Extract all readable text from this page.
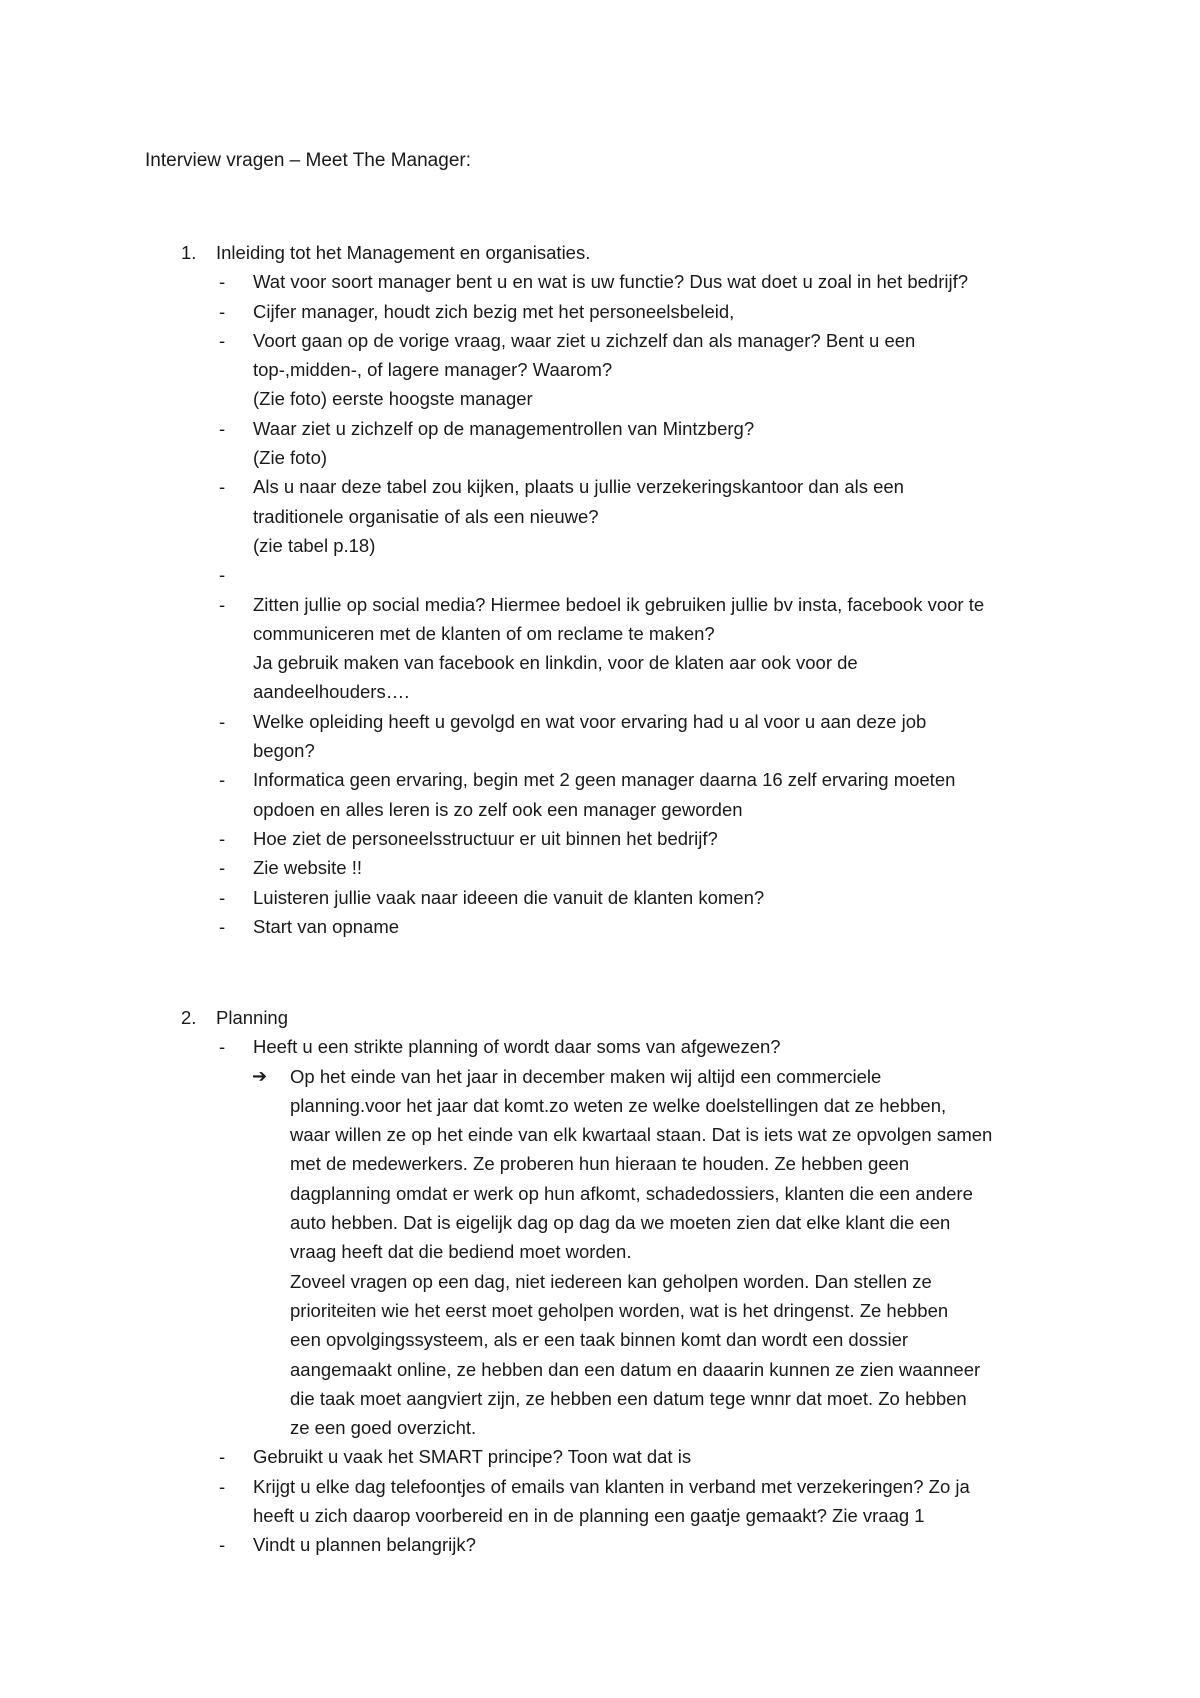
Interview vragen – Meet The Manager:
1. Inleiding tot het Management en organisaties.
- Wat voor soort manager bent u en wat is uw functie? Dus wat doet u zoal in het bedrijf?
- Cijfer manager, houdt zich bezig met het personeelsbeleid,
- Voort gaan op de vorige vraag, waar ziet u zichzelf dan als manager? Bent u een
top-,midden-, of lagere manager? Waarom?
(Zie foto) eerste hoogste manager
- Waar ziet u zichzelf op de managementrollen van Mintzberg?
(Zie foto)
- Als u naar deze tabel zou kijken, plaats u jullie verzekeringskantoor dan als een
traditionele organisatie of als een nieuwe?
(zie tabel p.18)
-
- Zitten jullie op social media? Hiermee bedoel ik gebruiken jullie bv insta, facebook voor te
communiceren met de klanten of om reclame te maken?
Ja gebruik maken van facebook en linkdin, voor de klaten aar ook voor de
aandeelhouders….
- Welke opleiding heeft u gevolgd en wat voor ervaring had u al voor u aan deze job
begon?
- Informatica geen ervaring, begin met 2 geen manager daarna 16 zelf ervaring moeten
opdoen en alles leren is zo zelf ook een manager geworden
- Hoe ziet de personeelsstructuur er uit binnen het bedrijf?
- Zie website !!
- Luisteren jullie vaak naar ideeen die vanuit de klanten komen?
- Start van opname
2. Planning
- Heeft u een strikte planning of wordt daar soms van afgewezen?
➔ Op het einde van het jaar in december maken wij altijd een commerciele
planning.voor het jaar dat komt.zo weten ze welke doelstellingen dat ze hebben,
waar willen ze op het einde van elk kwartaal staan. Dat is iets wat ze opvolgen samen
met de medewerkers. Ze proberen hun hieraan te houden. Ze hebben geen
dagplanning omdat er werk op hun afkomt, schadedossiers, klanten die een andere
auto hebben. Dat is eigelijk dag op dag da we moeten zien dat elke klant die een
vraag heeft dat die bediend moet worden.
Zoveel vragen op een dag, niet iedereen kan geholpen worden. Dan stellen ze
prioriteiten wie het eerst moet geholpen worden, wat is het dringenst. Ze hebben
een opvolgingssysteem, als er een taak binnen komt dan wordt een dossier
aangemaakt online, ze hebben dan een datum en daaarin kunnen ze zien waanneer
die taak moet aangviert zijn, ze hebben een datum tege wnnr dat moet. Zo hebben
ze een goed overzicht.
- Gebruikt u vaak het SMART principe? Toon wat dat is
- Krijgt u elke dag telefoontjes of emails van klanten in verband met verzekeringen? Zo ja
heeft u zich daarop voorbereid en in de planning een gaatje gemaakt? Zie vraag 1
- Vindt u plannen belangrijk?
